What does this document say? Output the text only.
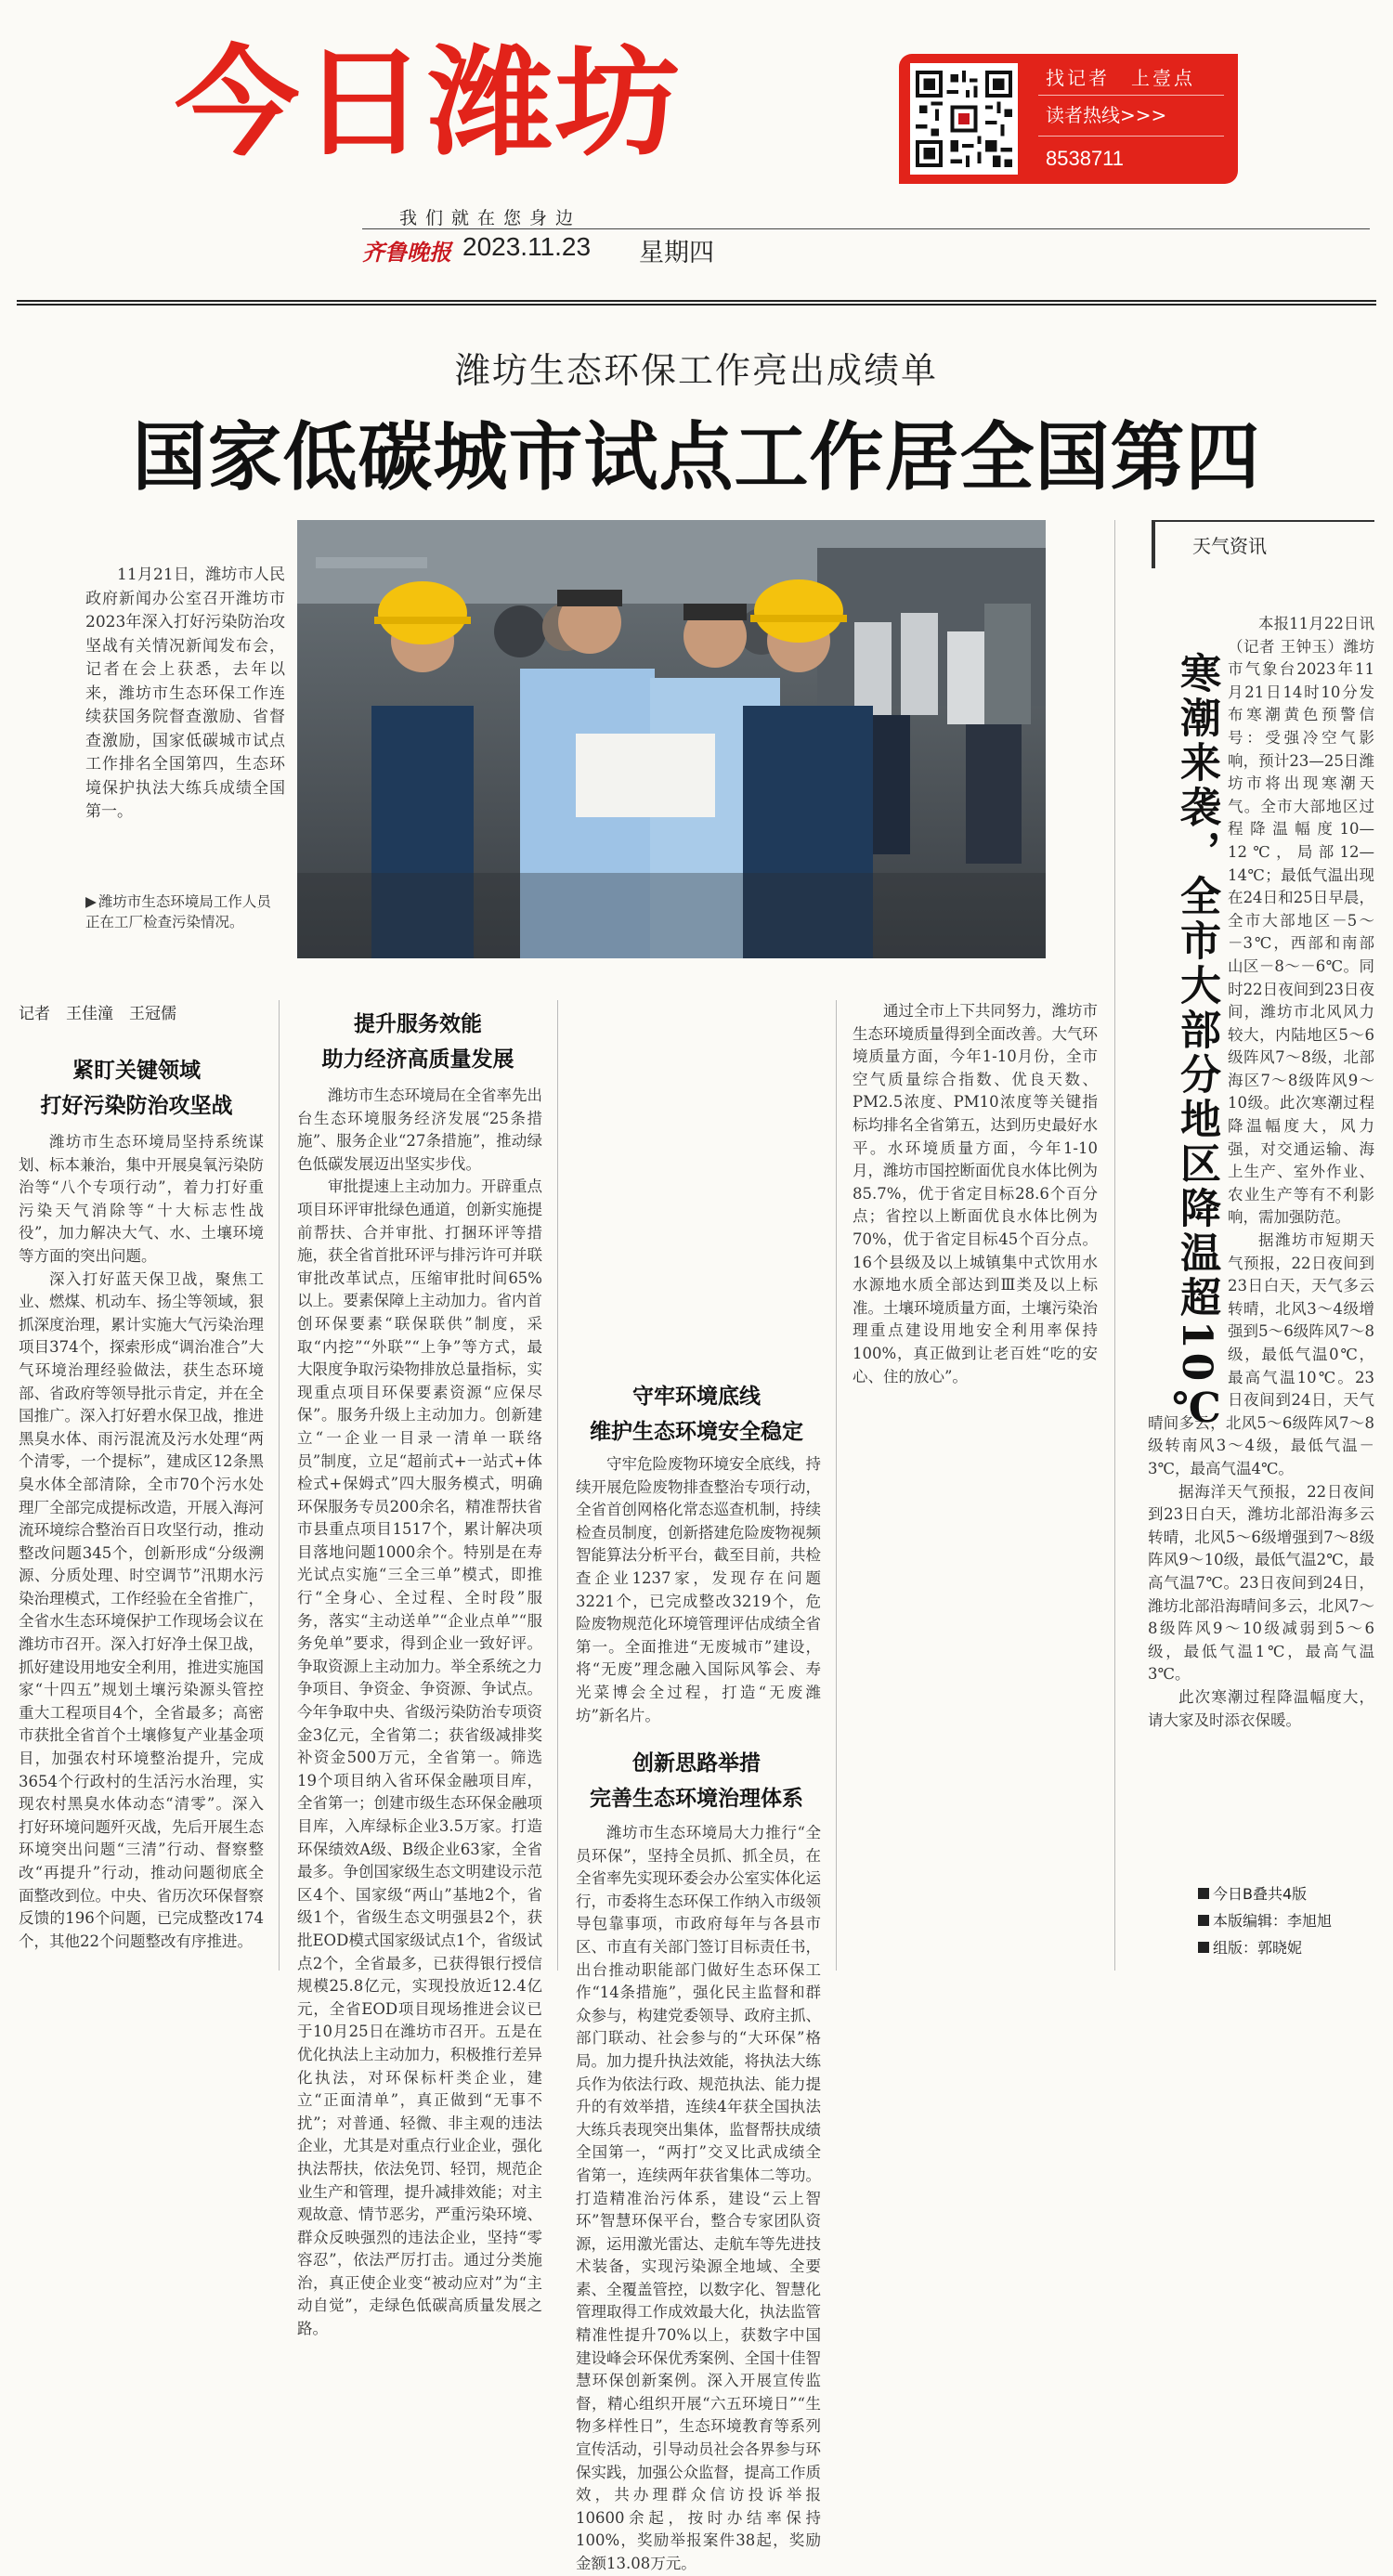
今日潍坊
我们就在您身边
齐鲁晚报 2023.11.23 星期四
找记者　上壹点
读者热线>>>
8538711
潍坊生态环保工作亮出成绩单
国家低碳城市试点工作居全国第四
11月21日，潍坊市人民政府新闻办公室召开潍坊市2023年深入打好污染防治攻坚战有关情况新闻发布会，记者在会上获悉，去年以来，潍坊市生态环保工作连续获国务院督查激励、省督查激励，国家低碳城市试点工作排名全国第四，生态环境保护执法大练兵成绩全国第一。
▶ 潍坊市生态环境局工作人员正在工厂检查污染情况。
记者　王佳潼　王冠儒
紧盯关键领域
打好污染防治攻坚战

潍坊市生态环境局坚持系统谋划、标本兼治，集中开展臭氧污染防治等“八个专项行动”，着力打好重污染天气消除等“十大标志性战役”，加力解决大气、水、土壤环境等方面的突出问题。

深入打好蓝天保卫战，聚焦工业、燃煤、机动车、扬尘等领域，狠抓深度治理，累计实施大气污染治理项目374个，探索形成“调治准合”大气环境治理经验做法，获生态环境部、省政府等领导批示肯定，并在全国推广。深入打好碧水保卫战，推进黑臭水体、雨污混流及污水处理“两个清零，一个提标”，建成区12条黑臭水体全部清除，全市70个污水处理厂全部完成提标改造，开展入海河流环境综合整治百日攻坚行动，推动整改问题345个，创新形成“分级溯源、分质处理、时空调节”汛期水污染治理模式，工作经验在全省推广，全省水生态环境保护工作现场会议在潍坊市召开。深入打好净土保卫战，抓好建设用地安全利用，推进实施国家“十四五”规划土壤污染源头管控重大工程项目4个，全省最多；高密市获批全省首个土壤修复产业基金项目，加强农村环境整治提升，完成3654个行政村的生活污水治理，实现农村黑臭水体动态“清零”。深入打好环境问题歼灭战，先后开展生态环境突出问题“三清”行动、督察整改“再提升”行动，推动问题彻底全面整改到位。中央、省历次环保督察反馈的196个问题，已完成整改174个，其他22个问题整改有序推进。

提升服务效能
助力经济高质量发展

潍坊市生态环境局在全省率先出台生态环境服务经济发展“25条措施”、服务企业“27条措施”，推动绿色低碳发展迈出坚实步伐。

审批提速上主动加力。开辟重点项目环评审批绿色通道，创新实施提前帮扶、合并审批、打捆环评等措施，获全省首批环评与排污许可并联审批改革试点，压缩审批时间65%以上。要素保障上主动加力。省内首创环保要素“联保联供”制度，采取“内挖”“外联”“上争”等方式，最大限度争取污染物排放总量指标，实现重点项目环保要素资源“应保尽保”。服务升级上主动加力。创新建立“一企业一目录一清单一联络员”制度，立足“超前式+一站式+体检式+保姆式”四大服务模式，明确环保服务专员200余名，精准帮扶省市县重点项目1517个，累计解决项目落地问题1000余个。特别是在寿光试点实施“三全三单”模式，即推行“全身心、全过程、全时段”服务，落实“主动送单”“企业点单”“服务免单”要求，得到企业一致好评。争取资源上主动加力。举全系统之力争项目、争资金、争资源、争试点。今年争取中央、省级污染防治专项资金3亿元，全省第二；获省级减排奖补资金500万元，全省第一。筛选19个项目纳入省环保金融项目库，全省第一；创建市级生态环保金融项目库，入库绿标企业3.5万家。打造环保绩效A级、B级企业63家，全省最多。争创国家级生态文明建设示范区4个、国家级“两山”基地2个，省级1个，省级生态文明强县2个，获批EOD模式国家级试点1个，省级试点2个，全省最多，已获得银行授信规模25.8亿元，实现投放近12.4亿元，全省EOD项目现场推进会议已于10月25日在潍坊市召开。五是在优化执法上主动加力，积极推行差异化执法，对环保标杆类企业，建立“正面清单”，真正做到“无事不扰”；对普通、轻微、非主观的违法企业，尤其是对重点行业企业，强化执法帮扶，依法免罚、轻罚，规范企业生产和管理，提升减排效能；对主观故意、情节恶劣，严重污染环境、群众反映强烈的违法企业，坚持“零容忍”，依法严厉打击。通过分类施治，真正使企业变“被动应对”为“主动自觉”，走绿色低碳高质量发展之路。

守牢环境底线
维护生态环境安全稳定
创新思路举措
完善生态环境治理体系

守牢危险废物环境安全底线，持续开展危险废物排查整治专项行动，全省首创网格化常态巡查机制，持续检查员制度，创新搭建危险废物视频智能算法分析平台，截至目前，共检查企业1237家，发现存在问题3221个，已完成整改3219个，危险废物规范化环境管理评估成绩全省第一。全面推进“无废城市”建设，将“无废”理念融入国际风筝会、寿光菜博会全过程，打造“无废潍坊”新名片。

潍坊市生态环境局大力推行“全员环保”，坚持全员抓、抓全员，在全省率先实现环委会办公室实体化运行，市委将生态环保工作纳入市级领导包靠事项，市政府每年与各县市区、市直有关部门签订目标责任书，出台推动职能部门做好生态环保工作“14条措施”，强化民主监督和群众参与，构建党委领导、政府主抓、部门联动、社会参与的“大环保”格局。加力提升执法效能，将执法大练兵作为依法行政、规范执法、能力提升的有效举措，连续4年获全国执法大练兵表现突出集体，监督帮扶成绩全国第一，“两打”交叉比武成绩全省第一，连续两年获省集体二等功。打造精准治污体系，建设“云上智环”智慧环保平台，整合专家团队资源，运用激光雷达、走航车等先进技术装备，实现污染源全地域、全要素、全覆盖管控，以数字化、智慧化管理取得工作成效最大化，执法监管精准性提升70%以上，获数字中国建设峰会环保优秀案例、全国十佳智慧环保创新案例。深入开展宣传监督，精心组织开展“六五环境日”“生物多样性日”，生态环境教育等系列宣传活动，引导动员社会各界参与环保实践，加强公众监督，提高工作质效，共办理群众信访投诉举报10600余起，按时办结率保持100%，奖励举报案件38起，奖励金额13.08万元。

通过全市上下共同努力，潍坊市生态环境质量得到全面改善。大气环境质量方面，今年1-10月份，全市空气质量综合指数、优良天数、PM2.5浓度、PM10浓度等关键指标均排名全省第五，达到历史最好水平。水环境质量方面，今年1-10月，潍坊市国控断面优良水体比例为85.7%，优于省定目标28.6个百分点；省控以上断面优良水体比例为70%，优于省定目标45个百分点。16个县级及以上城镇集中式饮用水水源地水质全部达到Ⅲ类及以上标准。土壤环境质量方面，土壤污染治理重点建设用地安全利用率保持100%，真正做到让老百姓“吃的安心、住的放心”。

天气资讯

本报11月22日讯（记者 王钟玉）潍坊市气象台2023年11月21日14时10分发布寒潮黄色预警信号：受强冷空气影响，预计23—25日潍坊市将出现寒潮天气。全市大部地区过程降温幅度10—12℃，局部12—14℃；最低气温出现在24日和25日早晨，全市大部地区－5～－3℃，西部和南部山区－8～－6℃。同时22日夜间到23日夜间，潍坊市北风风力较大，内陆地区5～6级阵风7～8级，北部海区7～8级阵风9～10级。此次寒潮过程降温幅度大，风力强，对交通运输、海上生产、室外作业、农业生产等有不利影响，需加强防范。

据潍坊市短期天气预报，22日夜间到23日白天，天气多云转晴，北风3～4级增强到5～6级阵风7～8级，最低气温0℃，最高气温10℃。23日夜间到24日，天气晴间多云，北风5～6级阵风7～8级转南风3～4级，最低气温－3℃，最高气温4℃。

据海洋天气预报，22日夜间到23日白天，潍坊北部沿海多云转晴，北风5～6级增强到7～8级阵风9～10级，最低气温2℃，最高气温7℃。23日夜间到24日，潍坊北部沿海晴间多云，北风7～8级阵风9～10级减弱到5～6级，最低气温1℃，最高气温3℃。

此次寒潮过程降温幅度大，请大家及时添衣保暖。

寒潮来袭，全市大部分地区降温超10℃
今日B叠共4版
本版编辑：李旭旭
组版：郭晓妮
